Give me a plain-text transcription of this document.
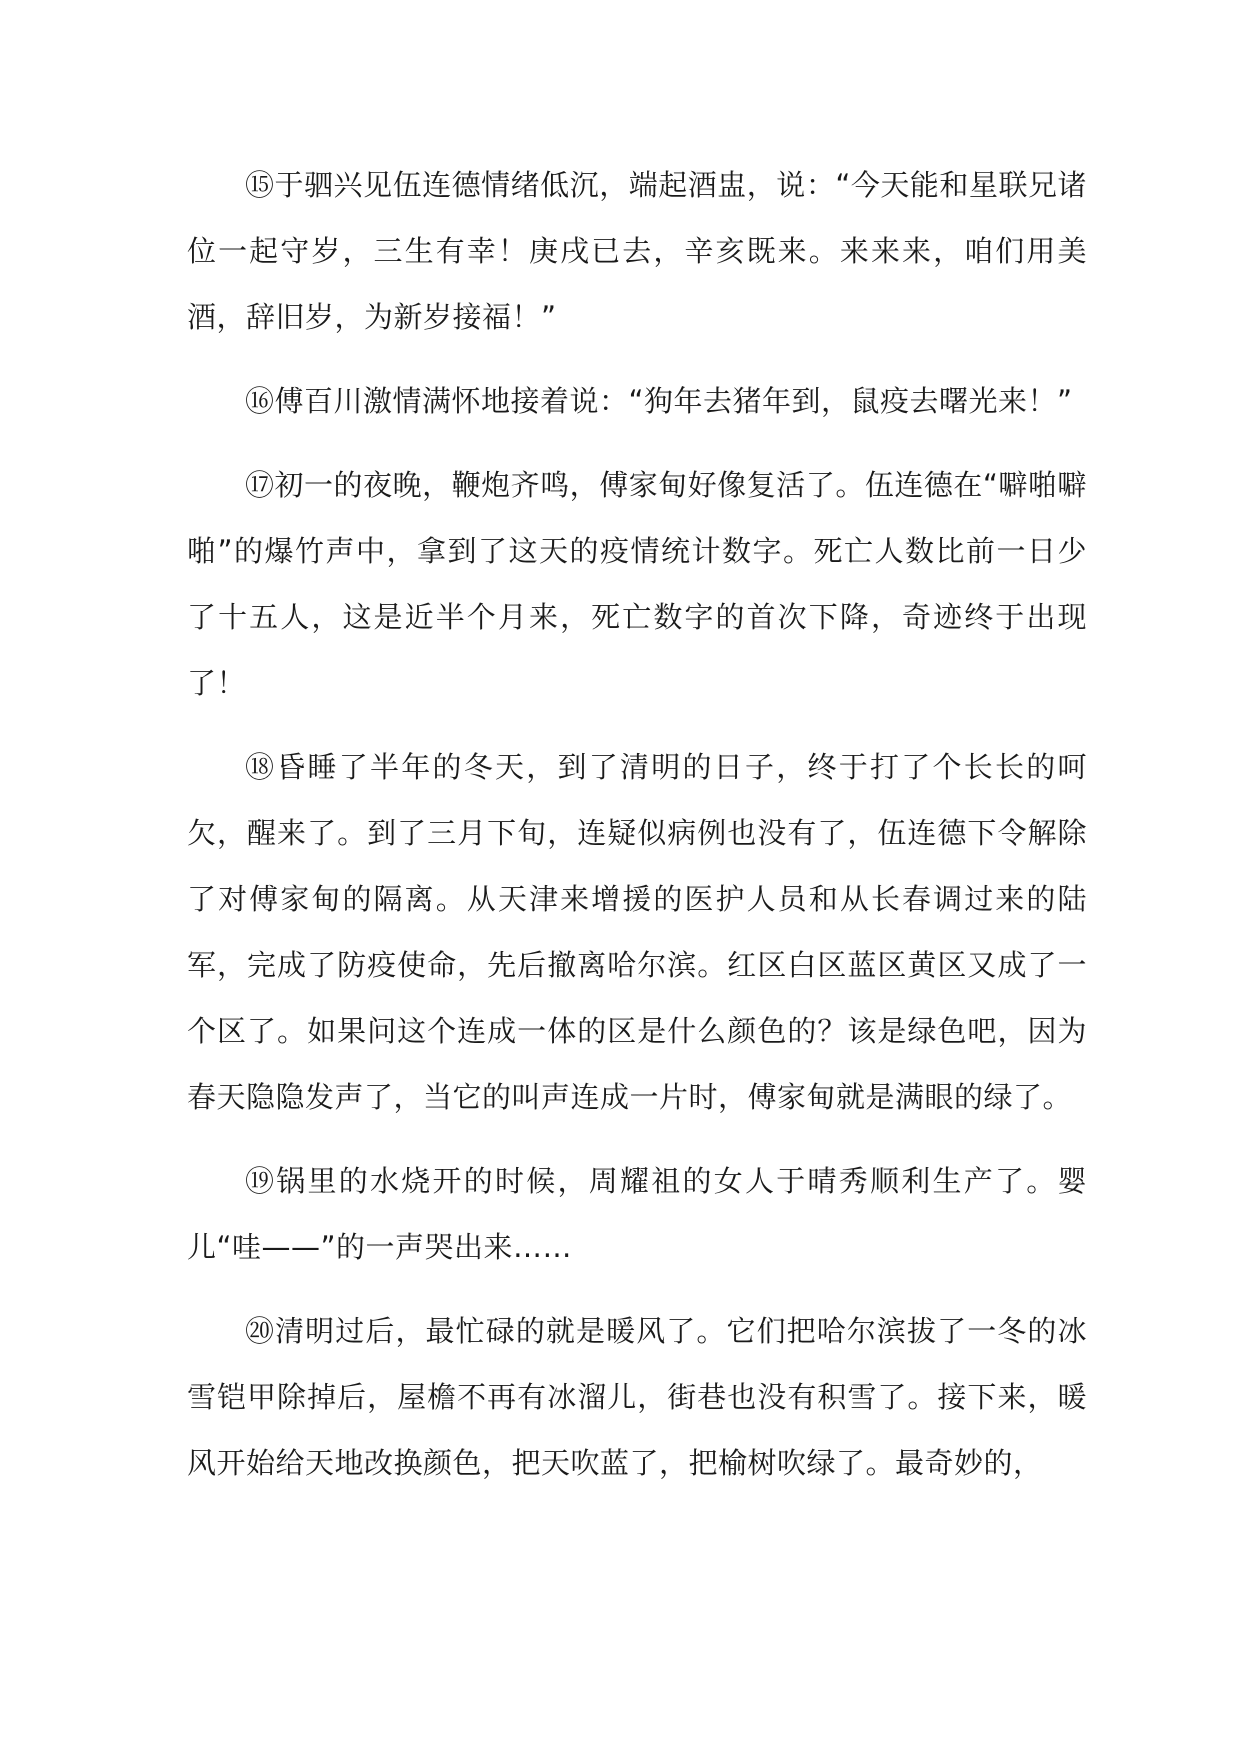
⑮于驷兴见伍连德情绪低沉，端起酒盅，说：“今天能和星联兄诸位一起守岁，三生有幸！庚戌已去，辛亥既来。来来来，咱们用美酒，辞旧岁，为新岁接福！”

⑯傅百川激情满怀地接着说：“狗年去猪年到，鼠疫去曙光来！”

⑰初一的夜晚，鞭炮齐鸣，傅家甸好像复活了。伍连德在“噼啪噼啪”的爆竹声中，拿到了这天的疫情统计数字。死亡人数比前一日少了十五人，这是近半个月来，死亡数字的首次下降，奇迹终于出现了！

⑱昏睡了半年的冬天，到了清明的日子，终于打了个长长的呵欠，醒来了。到了三月下旬，连疑似病例也没有了，伍连德下令解除了对傅家甸的隔离。从天津来增援的医护人员和从长春调过来的陆军，完成了防疫使命，先后撤离哈尔滨。红区白区蓝区黄区又成了一个区了。如果问这个连成一体的区是什么颜色的？该是绿色吧，因为春天隐隐发声了，当它的叫声连成一片时，傅家甸就是满眼的绿了。

⑲锅里的水烧开的时候，周耀祖的女人于晴秀顺利生产了。婴儿“哇——”的一声哭出来……

⑳清明过后，最忙碌的就是暖风了。它们把哈尔滨拔了一冬的冰雪铠甲除掉后，屋檐不再有冰溜儿，街巷也没有积雪了。接下来，暖风开始给天地改换颜色，把天吹蓝了，把榆树吹绿了。最奇妙的，
